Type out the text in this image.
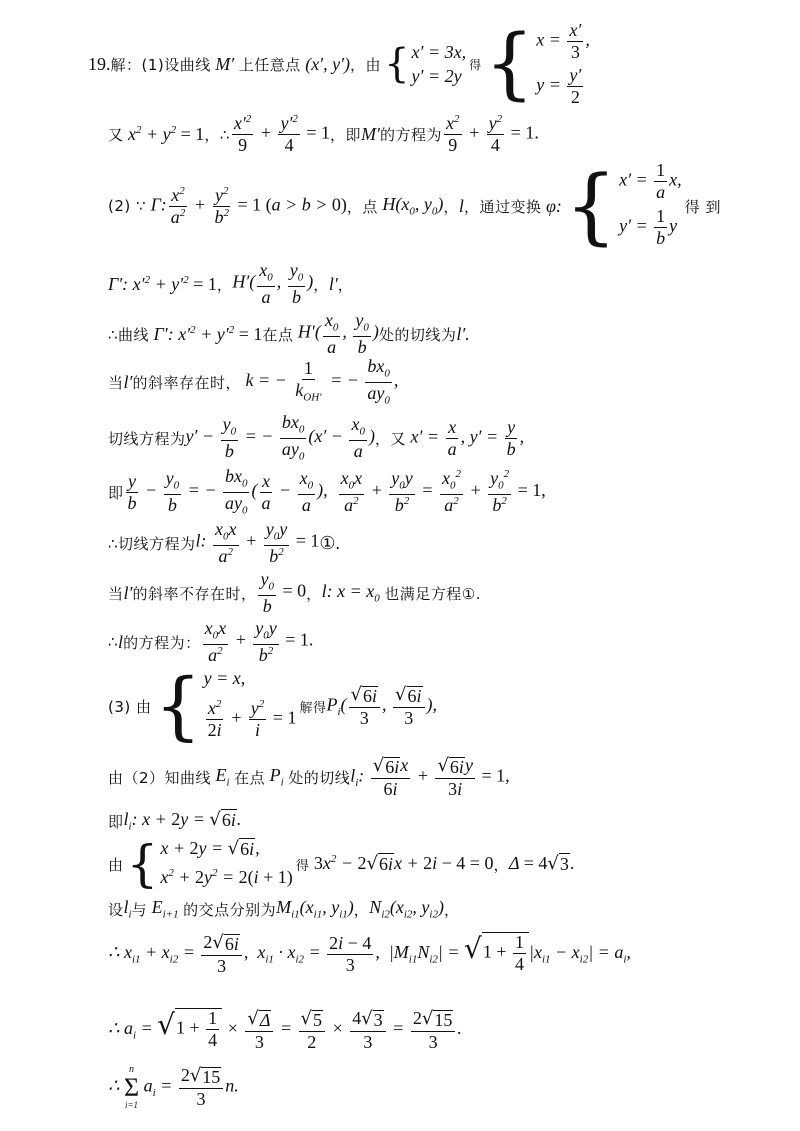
19. 解：(1)设曲线 M′ 上任意点 (x′, y′) ，由 { x′ = 3x,
y′ = 2y
得 { $x = \frac{x'}{3}$ ,
$y = \frac{y'}{2}$
又 $x^2 + y^2 = 1$ ，∴ $\frac{x'^2}{9} + \frac{y'^2}{4} = 1$ ，即 M′ 的方程为 $\frac{x^2}{9} + \frac{y^2}{4} = 1$.
(2) ∵ Γ: $\frac{x^2}{a^2} + \frac{y^2}{b^2} = 1$ (a > b > 0) ，点 $H(x_0$, $y_0$) ， l ， 通过变换 φ: { $x' = \frac{1}{a} x$,
$y' = \frac{1}{b}$ y
得 到
Γ′: $x'^2 + y'^2 = 1$ ， $H'( \frac{x_0}{a}$ , $\frac{y_0}{b}$ ) ， l′ ，
∴曲线 Γ′: $x'^2 + y'^2 = 1$ 在点 $H'( \frac{x_0}{a}$ , $\frac{y_0}{b}$ ) 处的切线为 l′.
当 l′ 的斜率存在时， k = − $\frac{1}{k_{OH'}}$ = − $\frac{bx_0}{ay_0}$ ,
切线方程为 $y' - \frac{y_0}{b}$ = − $\frac{bx_0}{ay_0} (x' - \frac{x_0}{a}$ ) ，又 $x' = \frac{x}{a}$ , $y' = \frac{y}{b}$ ,
即 $\frac{y}{b} - \frac{y_0}{b}$ = − $\frac{bx_0}{ay_0}$ ( $\frac{x}{a} - \frac{x_0}{a}$ ), $\frac{x_0x}{a^2} + \frac{y_0y}{b^2} = \frac{x_0^2}{a^2} + \frac{y_0^2}{b^2} = 1$,
∴切线方程为 l: $\frac{x_0x}{a^2} + \frac{y_0y}{b^2} = 1$ ① .
当 l′ 的斜率不存在时， $\frac{y_0}{b} = 0$ ， l: $x = x_0$ 也满足方程①.
∴ l 的方程为： $\frac{x_0x}{a^2} + \frac{y_0y}{b^2} = 1$.
(3) 由 { y = x,
$\frac{x^2}{2i} + \frac{y^2}{i} = 1$ 解得 $P_i( \frac{√ 6i}{3}$ , $\frac{√ 6i}{3}$ ),
由（2）知曲线 $E_i$ 在点 $P_i$ 处的切线 $l_i$: $\frac{\text{√ 6i x}}{6i} + \frac{\text{√ 6i y}}{3i} = 1$,
即 $l_i$: x + 2y = √ 6i .
由 { x + 2y = √ 6i ,
$x^2 + 2y^2 = 2(i + 1)$
得 $3x^2 - 2$ √ 6i x + 2i − 4 = 0 ， Δ = 4 √ 3 .
设 $l_i$ 与 $E_{i+1}$ 的交点分别为 $M_{i1}(x_{i1}$, $y_{i1}$) ， $N_{i2}(x_{i2}$, $y_{i2}$) ，
∴ $x_{i1} + x_{i2} = \frac{2 √ 6i}{3}$ ,  $x_{i1} \cdot x_{i2} = \frac{2i - 4}{3}$ ,  $|M_{i1}N_{i2}|$ = √ $1 + \frac{1}{4} |x_{i1} - x_{i2}| = a_i$,
∴ $a_i$ = √ $1 + \frac{1}{4} \times \frac{√ \Delta}{3} = \frac{√ 5}{2} \times \frac{4 √ 3}{3} = \frac{2 √ 15}{3}$ .
∴
n
Σ
i=1
$a_i = \frac{2 √ 15}{3} n$.
